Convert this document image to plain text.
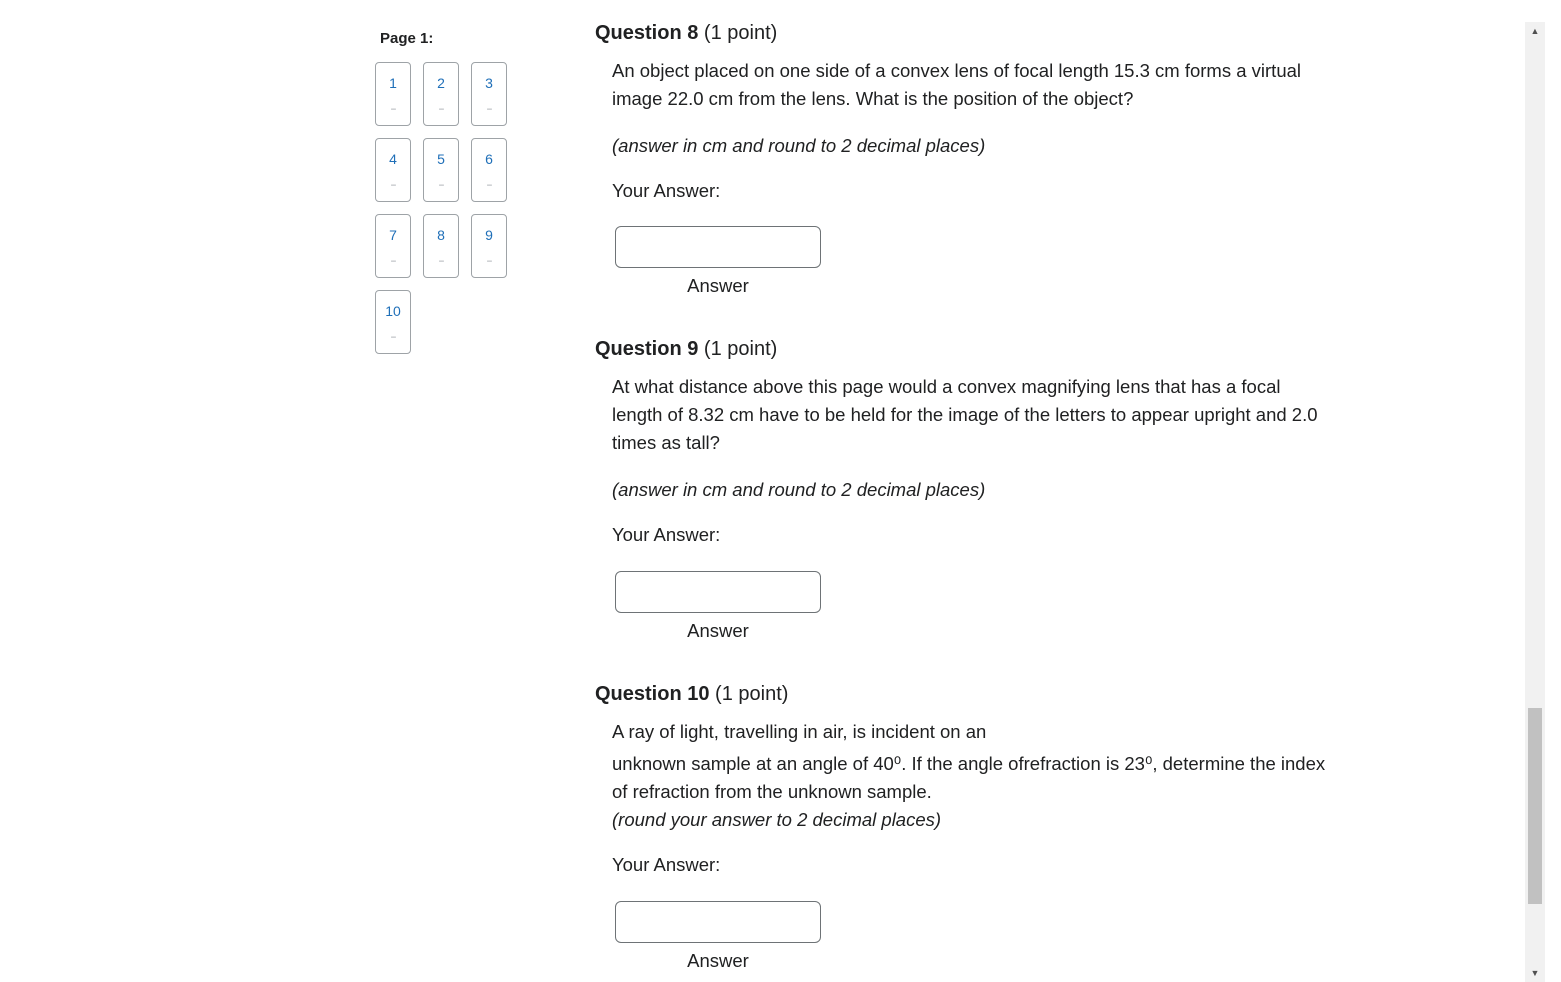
Page 1:
1
--
2
--
3
--
4
--
5
--
6
--
7
--
8
--
9
--
10
--
Question 8 (1 point)
An object placed on one side of a convex lens of focal length 15.3 cm forms a virtual image 22.0 cm from the lens. What is the position of the object?
(answer in cm and round to 2 decimal places)
Your Answer:
Answer
Question 9 (1 point)
At what distance above this page would a convex magnifying lens that has a focal length of 8.32 cm have to be held for the image of the letters to appear upright and 2.0 times as tall?
(answer in cm and round to 2 decimal places)
Your Answer:
Answer
Question 10 (1 point)
A ray of light, travelling in air, is incident on an
unknown sample at an angle of 40⁰. If the angle ofrefraction is 23⁰, determine the index of refraction from the unknown sample.
(round your answer to 2 decimal places)
Your Answer:
Answer
▲
▼
